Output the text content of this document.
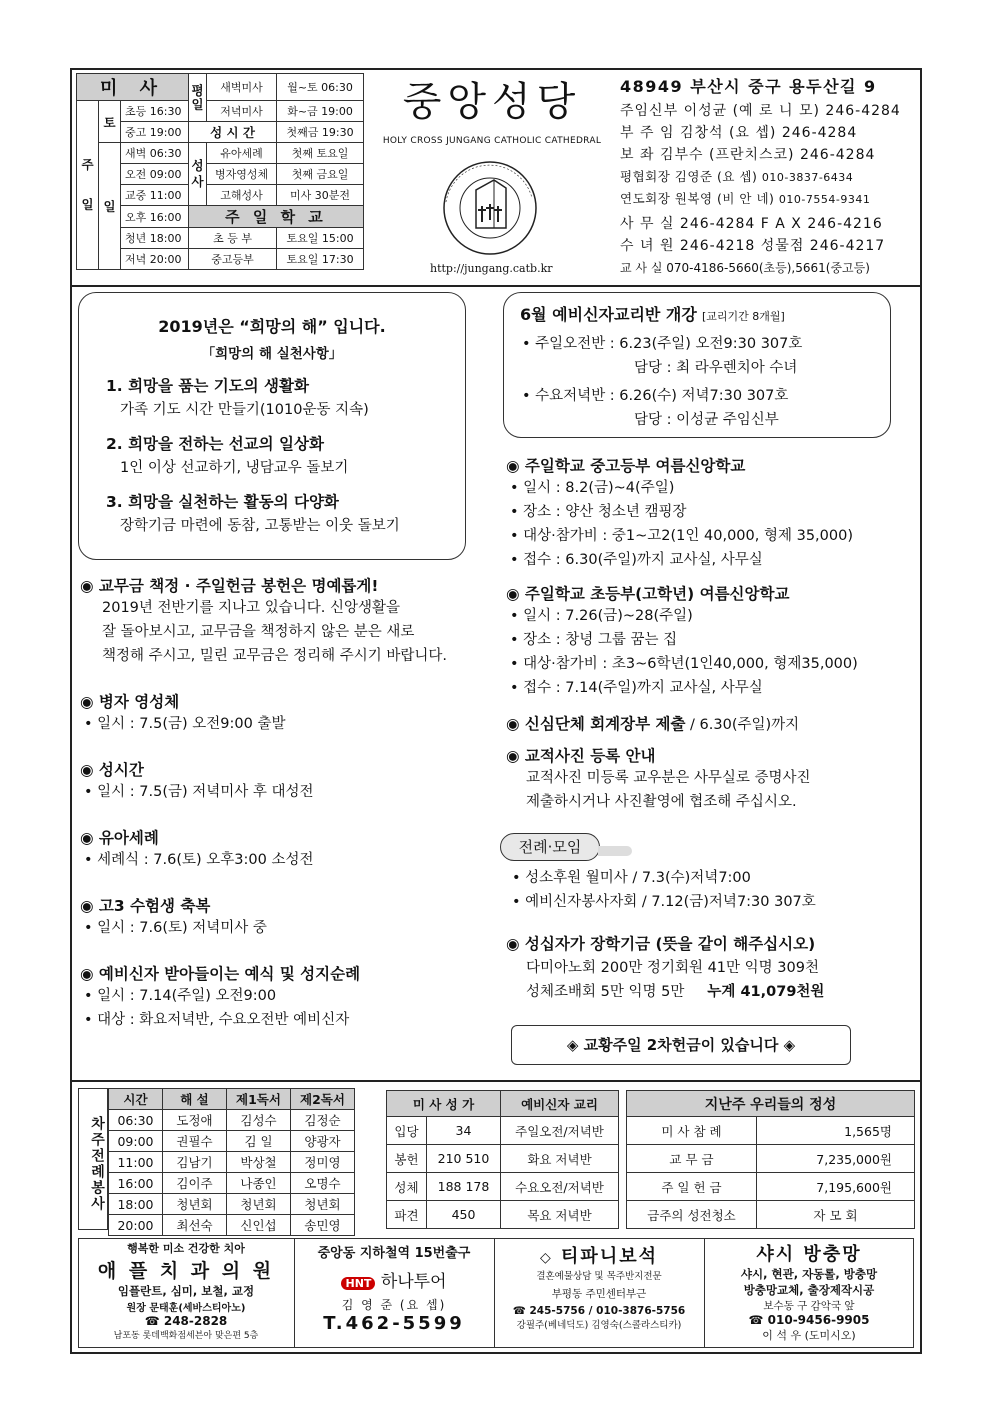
미 사			평일	새벽미사	월~토 06:30
주일	토	초등 16:30		저녁미사	화~금 19:00
		중고 19:00	성 시 간		첫째금 19:30
	일	새벽 06:30	성사	유아세례	첫째 토요일
		오전 09:00		병자영성체	첫째 금요일
		교중 11:00		고해성사	미사 30분전
		오후 16:00	주 일 학 교		
		청년 18:00	초 등 부		토요일 15:00
		저녁 20:00	중고등부		토요일 17:30
중앙성당
HOLY CROSS JUNGANG CATHOLIC CATHEDRAL
http://jungang.catb.kr
48949 부산시 중구 용두산길 9
주임신부 이성균 (예 로 니 모) 246-4284
부 주 임 김창석 (요 셉) 246-4284
보 좌 김부수 (프란치스코) 246-4284
평협회장 김영준 (요 셉) 010-3837-6434
연도회장 원복영 (비 안 네) 010-7554-9341
사 무 실 246-4284 F A X 246-4216
수 녀 원 246-4218 성물점 246-4217
교 사 실 070-4186-5660(초등),5661(중고등)
2019년은 “희망의 해” 입니다.
「희망의 해 실천사항」
1. 희망을 품는 기도의 생활화
가족 기도 시간 만들기(1010운동 지속)
2. 희망을 전하는 선교의 일상화
1인 이상 선교하기, 냉담교우 돌보기
3. 희망을 실천하는 활동의 다양화
장학기금 마련에 동참, 고통받는 이웃 돌보기
6월 예비신자교리반 개강 [교리기간 8개월]
• 주일오전반 : 6.23(주일) 오전9:30 307호
담당 : 최 라우렌치아 수녀
• 수요저녁반 : 6.26(수) 저녁7:30 307호
담당 : 이성균 주임신부
◉ 교무금 책정 · 주일헌금 봉헌은 명예롭게!
2019년 전반기를 지나고 있습니다. 신앙생활을
잘 돌아보시고, 교무금을 책정하지 않은 분은 새로
책정해 주시고, 밀린 교무금은 정리해 주시기 바랍니다.
◉ 병자 영성체
• 일시 : 7.5(금) 오전9:00 출발
◉ 성시간
• 일시 : 7.5(금) 저녁미사 후 대성전
◉ 유아세례
• 세례식 : 7.6(토) 오후3:00 소성전
◉ 고3 수험생 축복
• 일시 : 7.6(토) 저녁미사 중
◉ 예비신자 받아들이는 예식 및 성지순례
• 일시 : 7.14(주일) 오전9:00
• 대상 : 화요저녁반, 수요오전반 예비신자
◉ 주일학교 중고등부 여름신앙학교
• 일시 : 8.2(금)~4(주일)
• 장소 : 양산 청소년 캠핑장
• 대상·참가비 : 중1~고2(1인 40,000, 형제 35,000)
• 접수 : 6.30(주일)까지 교사실, 사무실
◉ 주일학교 초등부(고학년) 여름신앙학교
• 일시 : 7.26(금)~28(주일)
• 장소 : 창녕 그룹 꿈는 집
• 대상·참가비 : 초3~6학년(1인40,000, 형제35,000)
• 접수 : 7.14(주일)까지 교사실, 사무실
◉ 신심단체 회계장부 제출 / 6.30(주일)까지
◉ 교적사진 등록 안내
교적사진 미등록 교우분은 사무실로 증명사진
제출하시거나 사진촬영에 협조해 주십시오.
전례·모임
• 성소후원 월미사 / 7.3(수)저녁7:00
• 예비신자봉사자회 / 7.12(금)저녁7:30 307호
◉ 성십자가 장학기금 (뜻을 같이 해주십시오)
다미아노회 200만 정기회원 41만 익명 309천
성체조배회 5만 익명 5만 누계 41,079천원
◈ 교황주일 2차헌금이 있습니다 ◈
차주전례봉사
시간	해 설	제1독서	제2독서
06:30	도정애	김성수	김정순
09:00	권필수	김 일	양광자
11:00	김남기	박상철	정미영
16:00	김이주	나종인	오명수
18:00	청년회	청년회	청년회
20:00	최선숙	신인섭	송민영
미 사 성 가		예비신자 교리
입당	34	주일오전/저녁반
봉헌	210 510	화요 저녁반
성체	188 178	수요오전/저녁반
파견	450	목요 저녁반
지난주 우리들의 정성	
미 사 참 례	1,565명
교 무 금	7,235,000원
주 일 헌 금	7,195,600원
금주의 성전청소	자 모 회
행복한 미소 건강한 치아
애 플 치 과 의 원
임플란트, 심미, 보철, 교정
원장 문태훈(세바스티아노)
☎ 248-2828
남포동 롯데백화점세븐아 맞은편 5층
중앙동 지하철역 15번출구
HNT 하나투어
김 영 준 (요 셉)
T.462-5599
◇ 티파니보석
결혼예물상담 및 목주반지전문
부평동 주민센터부근
☎ 245-5756 / 010-3876-5756
강필주(베네딕도) 김영숙(스콜라스티카)
샤시 방충망
샤시, 현관, 자동롤, 방충망
방충망교체, 출장제작시공
보수동 구 감악국 앞
☎ 010-9456-9905
이 석 우 (도미시오)
